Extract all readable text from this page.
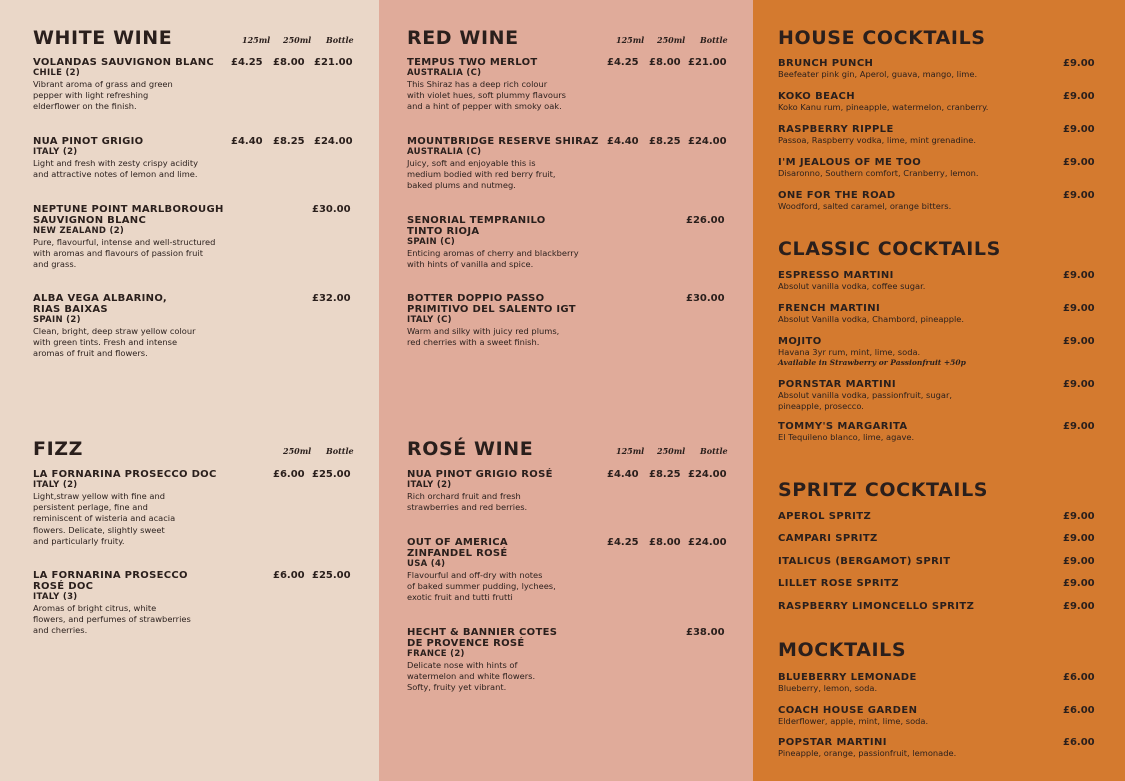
WHITE WINE	125ml 250ml Bottle
VOLANDAS SAUVIGNON BLANC
CHILE (2)
Vibrant aroma of grass and green
pepper with light refreshing
elderflower on the finish.
£4.25 £8.00 £21.00
NUA PINOT GRIGIO
ITALY (2)
Light and fresh with zesty crispy acidity
and attractive notes of lemon and lime.
£4.40 £8.25 £24.00
NEPTUNE POINT MARLBOROUGH
SAUVIGNON BLANC
NEW ZEALAND (2)
Pure, flavourful, intense and well-structured
with aromas and flavours of passion fruit
and grass.
£30.00
ALBA VEGA ALBARINO,
RIAS BAIXAS
SPAIN (2)
Clean, bright, deep straw yellow colour
with green tints. Fresh and intense
aromas of fruit and flowers.
£32.00
FIZZ	250ml Bottle
LA FORNARINA PROSECCO DOC
ITALY (2)
Light,straw yellow with fine and
persistent perlage, fine and
reminiscent of wisteria and acacia
flowers. Delicate, slightly sweet
and particularly fruity.
£6.00 £25.00
LA FORNARINA PROSECCO
ROSÉ DOC
ITALY (3)
Aromas of bright citrus, white
flowers, and perfumes of strawberries
and cherries.
£6.00 £25.00
RED WINE	125ml 250ml Bottle
TEMPUS TWO MERLOT
AUSTRALIA (C)
This Shiraz has a deep rich colour
with violet hues, soft plummy flavours
and a hint of pepper with smoky oak.
£4.25 £8.00 £21.00
MOUNTBRIDGE RESERVE SHIRAZ
AUSTRALIA (C)
Juicy, soft and enjoyable this is
medium bodied with red berry fruit,
baked plums and nutmeg.
£4.40 £8.25 £24.00
SENORIAL TEMPRANILO
TINTO RIOJA
SPAIN (C)
Enticing aromas of cherry and blackberry
with hints of vanilla and spice.
£26.00
BOTTER DOPPIO PASSO
PRIMITIVO DEL SALENTO IGT
ITALY (C)
Warm and silky with juicy red plums,
red cherries with a sweet finish.
£30.00
ROSÉ WINE	125ml 250ml Bottle
NUA PINOT GRIGIO ROSÉ
ITALY (2)
Rich orchard fruit and fresh
strawberries and red berries.
£4.40 £8.25 £24.00
OUT OF AMERICA
ZINFANDEL ROSÉ
USA (4)
Flavourful and off-dry with notes
of baked summer pudding, lychees,
exotic fruit and tutti frutti
£4.25 £8.00 £24.00
HECHT & BANNIER COTES
DE PROVENCE ROSÉ
FRANCE (2)
Delicate nose with hints of
watermelon and white flowers.
Softy, fruity yet vibrant.
£38.00
HOUSE COCKTAILS
BRUNCH PUNCH
Beefeater pink gin, Aperol, guava, mango, lime.
£9.00
KOKO BEACH
Koko Kanu rum, pineapple, watermelon, cranberry.
£9.00
RASPBERRY RIPPLE
Passoa, Raspberry vodka, lime, mint grenadine.
£9.00
I'M JEALOUS OF ME TOO
Disaronno, Southern comfort, Cranberry, lemon.
£9.00
ONE FOR THE ROAD
Woodford, salted caramel, orange bitters.
£9.00
CLASSIC COCKTAILS
ESPRESSO MARTINI
Absolut vanilla vodka, coffee sugar.
£9.00
FRENCH MARTINI
Absolut Vanilla vodka, Chambord, pineapple.
£9.00
MOJITO
Havana 3yr rum, mint, lime, soda.
Available in Strawberry or Passionfruit +50p
£9.00
PORNSTAR MARTINI
Absolut vanilla vodka, passionfruit, sugar,
pineapple, prosecco.
£9.00
TOMMY'S MARGARITA
El Tequileno blanco, lime, agave.
£9.00
SPRITZ COCKTAILS
APEROL SPRITZ	£9.00
CAMPARI SPRITZ	£9.00
ITALICUS (BERGAMOT) SPRIT	£9.00
LILLET ROSE SPRITZ	£9.00
RASPBERRY LIMONCELLO SPRITZ	£9.00
MOCKTAILS
BLUEBERRY LEMONADE
Blueberry, lemon, soda.
£6.00
COACH HOUSE GARDEN
Elderflower, apple, mint, lime, soda.
£6.00
POPSTAR MARTINI
Pineapple, orange, passionfruit, lemonade.
£6.00
